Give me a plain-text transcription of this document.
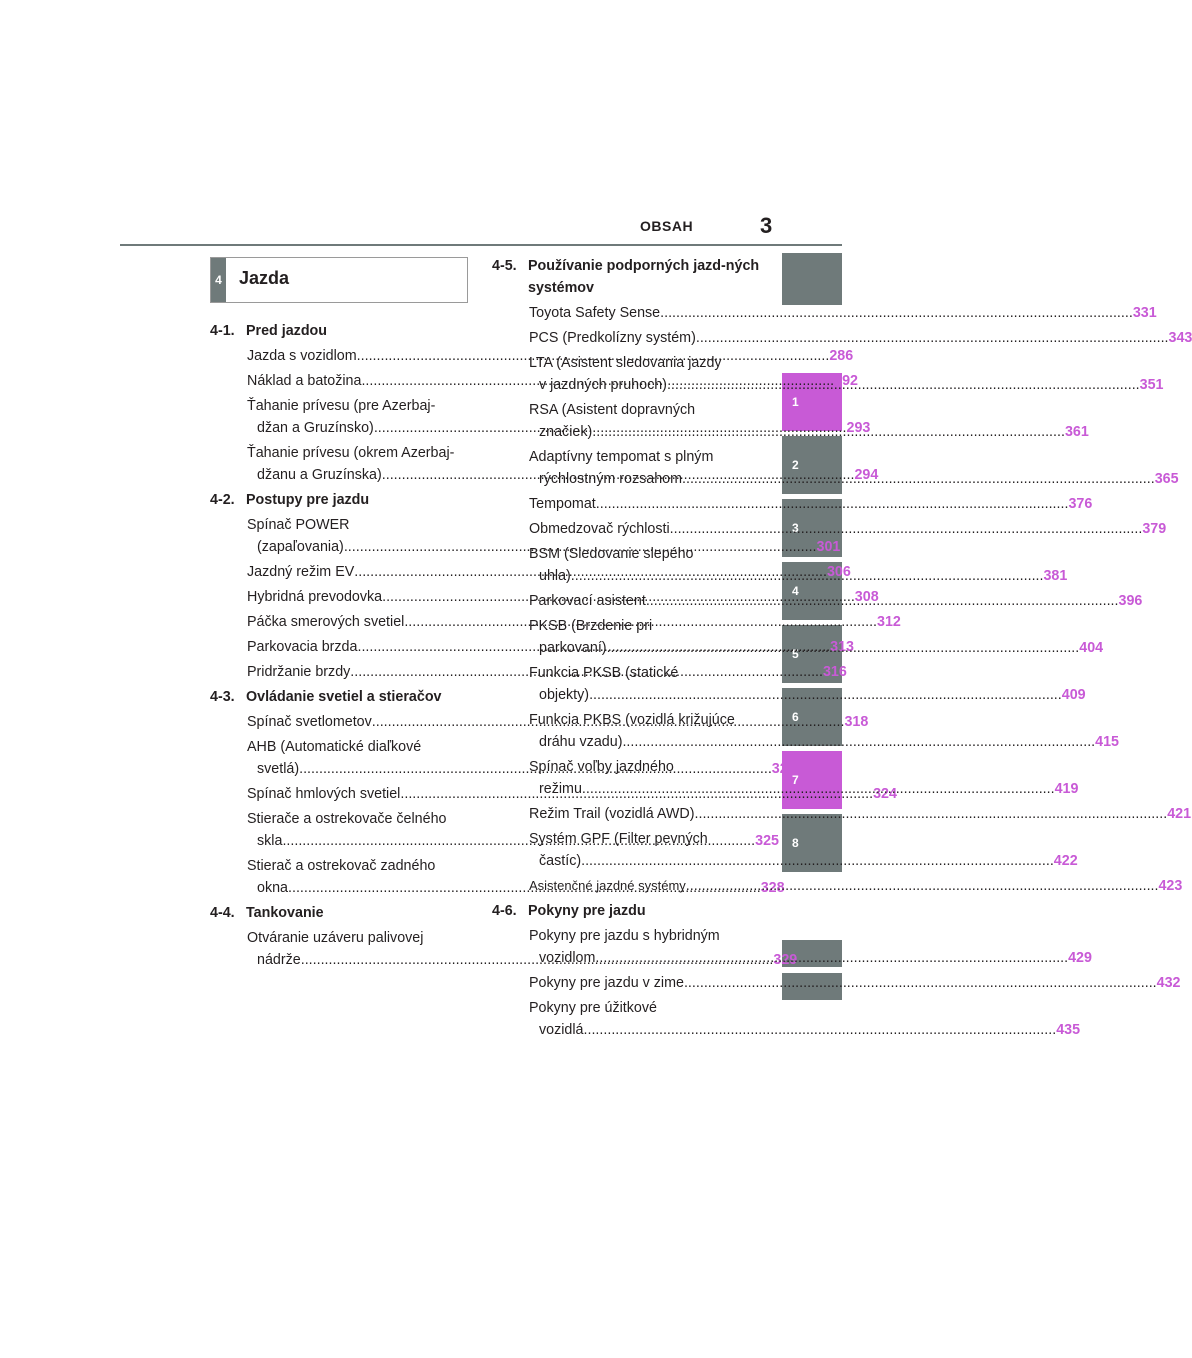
OBSAH	3
1
2
3
4
5
6
7
8
4 Jazda
4-1. Pred jazdou
Jazda s vozidlom .....	286
Náklad a batožina .....	292
Ťahanie prívesu (pre Azerbaj-
džan a Gruzínsko) .....	293
Ťahanie prívesu (okrem Azerbaj-
džanu a Gruzínska) .....	294
4-2. Postupy pre jazdu
Spínač POWER
(zapaľovania) .....	301
Jazdný režim EV .....	306
Hybridná prevodovka .....	308
Páčka smerových svetiel .....	312
Parkovacia brzda .....	313
Pridržanie brzdy .....	316
4-3. Ovládanie svetiel a stieračov
Spínač svetlometov .....	318
AHB (Automatické diaľkové
svetlá) .....	321
Spínač hmlových svetiel .....	324
Stierače a ostrekovače čelného
skla .....	325
Stierač a ostrekovač zadného
okna .....	328
4-4. Tankovanie
Otváranie uzáveru palivovej
nádrže .....	329
4-5. Používanie podporných jazd-ných systémov
Toyota Safety Sense .....	331
PCS (Predkolízny systém) .....	343
LTA (Asistent sledovania jazdy
v jazdných pruhoch) .....	351
RSA (Asistent dopravných
značiek) .....	361
Adaptívny tempomat s plným
rýchlostným rozsahom .....	365
Tempomat .....	376
Obmedzovač rýchlosti .....	379
BSM (Sledovanie slepého
uhla) .....	381
Parkovací asistent .....	396
PKSB (Brzdenie pri
parkovaní) .....	404
Funkcia PKSB (statické
objekty) .....	409
Funkcia PKBS (vozidlá križujúce
dráhu vzadu) .....	415
Spínač voľby jazdného
režimu .....	419
Režim Trail (vozidlá AWD) .....	421
Systém GPF (Filter pevných
častíc) .....	422
Asistenčné jazdné systémy .....	423
4-6. Pokyny pre jazdu
Pokyny pre jazdu s hybridným
vozidlom .....	429
Pokyny pre jazdu v zime .....	432
Pokyny pre úžitkové
vozidlá .....	435
